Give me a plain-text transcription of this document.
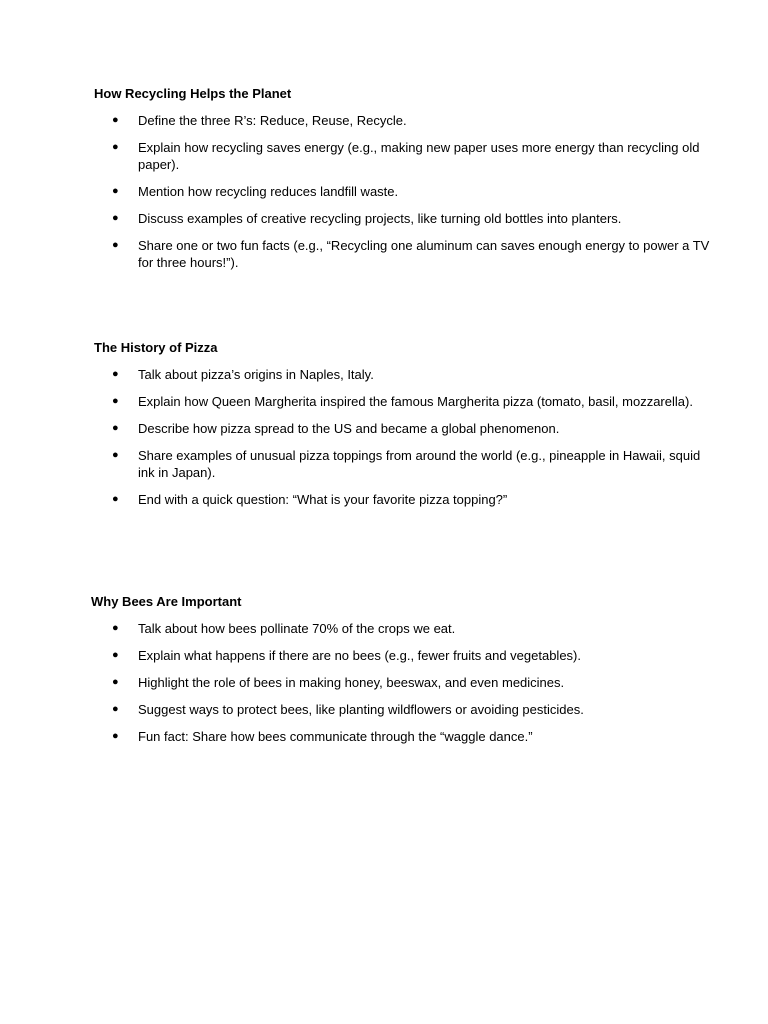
How Recycling Helps the Planet
● Define the three R’s: Reduce, Reuse, Recycle.
● Explain how recycling saves energy (e.g., making new paper uses more energy than recycling old paper).
● Mention how recycling reduces landfill waste.
● Discuss examples of creative recycling projects, like turning old bottles into planters.
● Share one or two fun facts (e.g., “Recycling one aluminum can saves enough energy to power a TV for three hours!”).
The History of Pizza
● Talk about pizza’s origins in Naples, Italy.
● Explain how Queen Margherita inspired the famous Margherita pizza (tomato, basil, mozzarella).
● Describe how pizza spread to the US and became a global phenomenon.
● Share examples of unusual pizza toppings from around the world (e.g., pineapple in Hawaii, squid ink in Japan).
● End with a quick question: “What is your favorite pizza topping?”
Why Bees Are Important
● Talk about how bees pollinate 70% of the crops we eat.
● Explain what happens if there are no bees (e.g., fewer fruits and vegetables).
● Highlight the role of bees in making honey, beeswax, and even medicines.
● Suggest ways to protect bees, like planting wildflowers or avoiding pesticides.
● Fun fact: Share how bees communicate through the “waggle dance.”
